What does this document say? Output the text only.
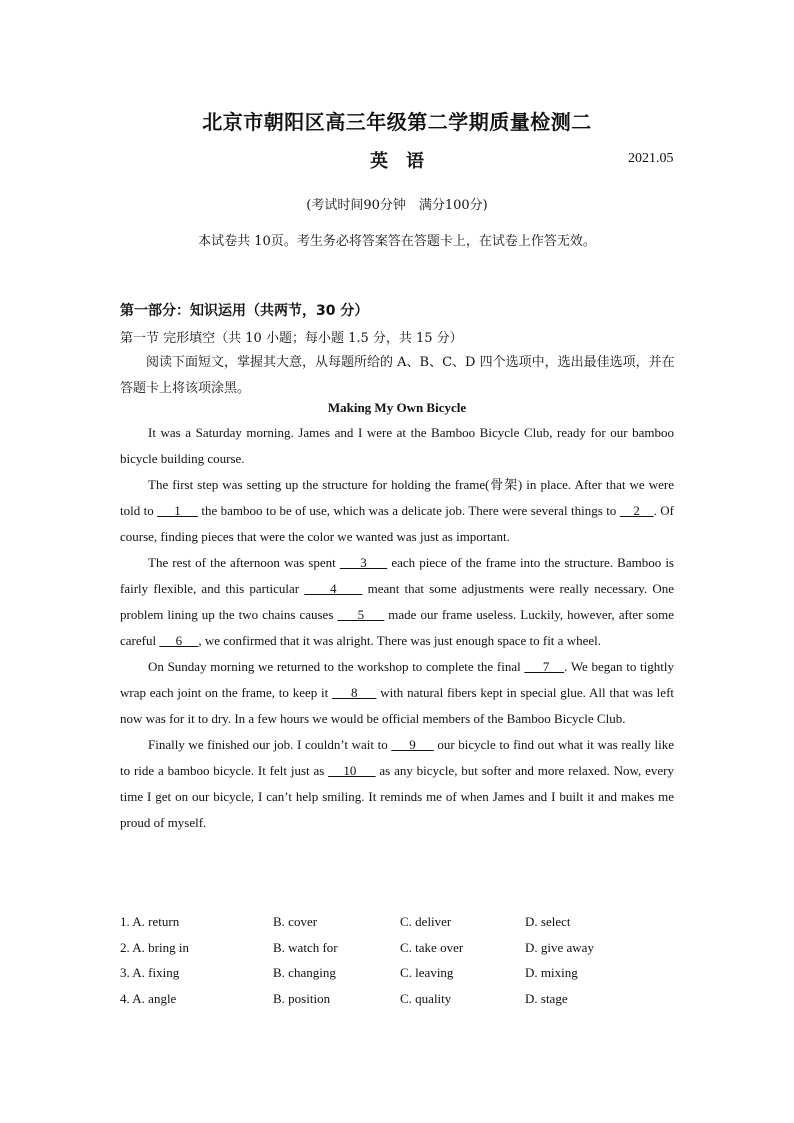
北京市朝阳区高三年级第二学期质量检测二
英　语	2021.05
(考试时间90分钟　满分100分)
本试卷共 10页。考生务必将答案答在答题卡上，在试卷上作答无效。
第一部分：知识运用（共两节，30 分）
第一节 完形填空（共 10 小题；每小题 1.5 分，共 15 分）
阅读下面短文，掌握其大意，从每题所给的 A、B、C、D 四个选项中，选出最佳选项，并在答题卡上将该项涂黑。
Making My Own Bicycle

It was a Saturday morning. James and I were at the Bamboo Bicycle Club, ready for our bamboo bicycle building course.

The first step was setting up the structure for holding the frame(骨架) in place. After that we were told to      1      the bamboo to be of use, which was a delicate job. There were several things to     2    . Of course, finding pieces that were the color we wanted was just as important.

The rest of the afternoon was spent      3      each piece of the frame into the structure. Bamboo is fairly flexible, and this particular      4      meant that some adjustments were really necessary. One problem lining up the two chains causes      5      made our frame useless. Luckily, however, after some careful      6     , we confirmed that it was alright. There was just enough space to fit a wheel.

On Sunday morning we returned to the workshop to complete the final      7    . We began to tightly wrap each joint on the frame, to keep it      8      with natural fibers kept in special glue. All that was left now was for it to dry. In a few hours we would be official members of the Bamboo Bicycle Club.

Finally we finished our job. I couldn’t wait to      9      our bicycle to find out what it was really like to ride a bamboo bicycle. It felt just as     10      as any bicycle, but softer and more relaxed. Now, every time I get on our bicycle, I can’t help smiling. It reminds me of when James and I built it and makes me proud of myself.

1. A. return	B. cover	C. deliver	D. select
2. A. bring in	B. watch for	C. take over	D. give away
3. A. fixing	B. changing	C. leaving	D. mixing
4. A. angle	B. position	C. quality	D. stage
